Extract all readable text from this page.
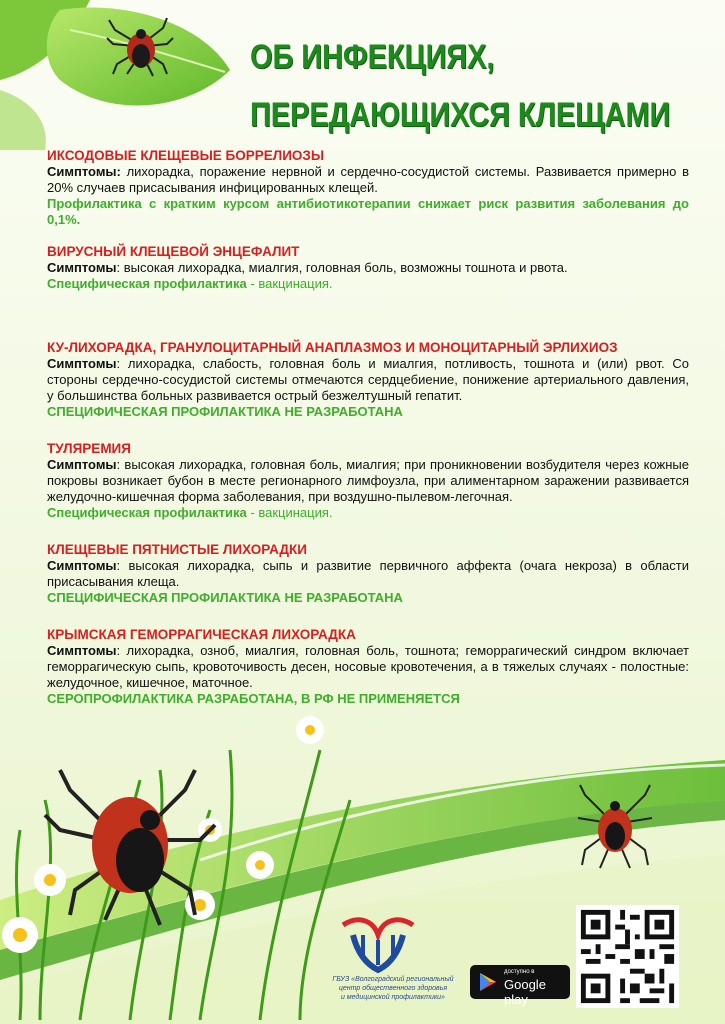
ОБ ИНФЕКЦИЯХ,
ПЕРЕДАЮЩИХСЯ КЛЕЩАМИ

ИКСОДОВЫЕ КЛЕЩЕВЫЕ БОРРЕЛИОЗЫ

Симптомы: лихорадка, поражение нервной и сердечно-сосудистой системы. Развивается примерно в 20% случаев присасывания инфицированных клещей.

Профилактика с кратким курсом антибиотикотерапии снижает риск развития заболевания до 0,1%.

ВИРУСНЫЙ КЛЕЩЕВОЙ ЭНЦЕФАЛИТ

Симптомы: высокая лихорадка, миалгия, головная боль, возможны тошнота и рвота.

Специфическая профилактика - вакцинация.

КУ-ЛИХОРАДКА, ГРАНУЛОЦИТАРНЫЙ АНАПЛАЗМОЗ И МОНОЦИТАРНЫЙ ЭРЛИХИОЗ

Симптомы: лихорадка, слабость, головная боль и миалгия, потливость, тошнота и (или) рвот. Со стороны сердечно-сосудистой системы отмечаются сердцебиение, понижение артериального давления, у большинства больных развивается острый безжелтушный гепатит.

СПЕЦИФИЧЕСКАЯ ПРОФИЛАКТИКА НЕ РАЗРАБОТАНА

ТУЛЯРЕМИЯ

Симптомы: высокая лихорадка, головная боль, миалгия; при проникновении возбудителя через кожные покровы возникает бубон в месте регионарного лимфоузла, при алиментарном заражении развивается желудочно-кишечная форма заболевания, при воздушно-пылевом-легочная.

Специфическая профилактика - вакцинация.

КЛЕЩЕВЫЕ ПЯТНИСТЫЕ ЛИХОРАДКИ

Симптомы: высокая лихорадка, сыпь и развитие первичного аффекта (очага некроза) в области присасывания клеща.

СПЕЦИФИЧЕСКАЯ ПРОФИЛАКТИКА НЕ РАЗРАБОТАНА

КРЫМСКАЯ ГЕМОРРАГИЧЕСКАЯ ЛИХОРАДКА

Симптомы: лихорадка, озноб, миалгия, головная боль, тошнота; геморрагический синдром включает геморрагическую сыпь, кровоточивость десен, носовые кровотечения, а в тяжелых случаях - полостные: желудочное, кишечное, маточное.

СЕРОПРОФИЛАКТИКА РАЗРАБОТАНА, В РФ НЕ ПРИМЕНЯЕТСЯ

ГБУЗ «Волгоградский региональный
центр общественного здоровья
и медицинской профилактики»
доступно в
Google play
